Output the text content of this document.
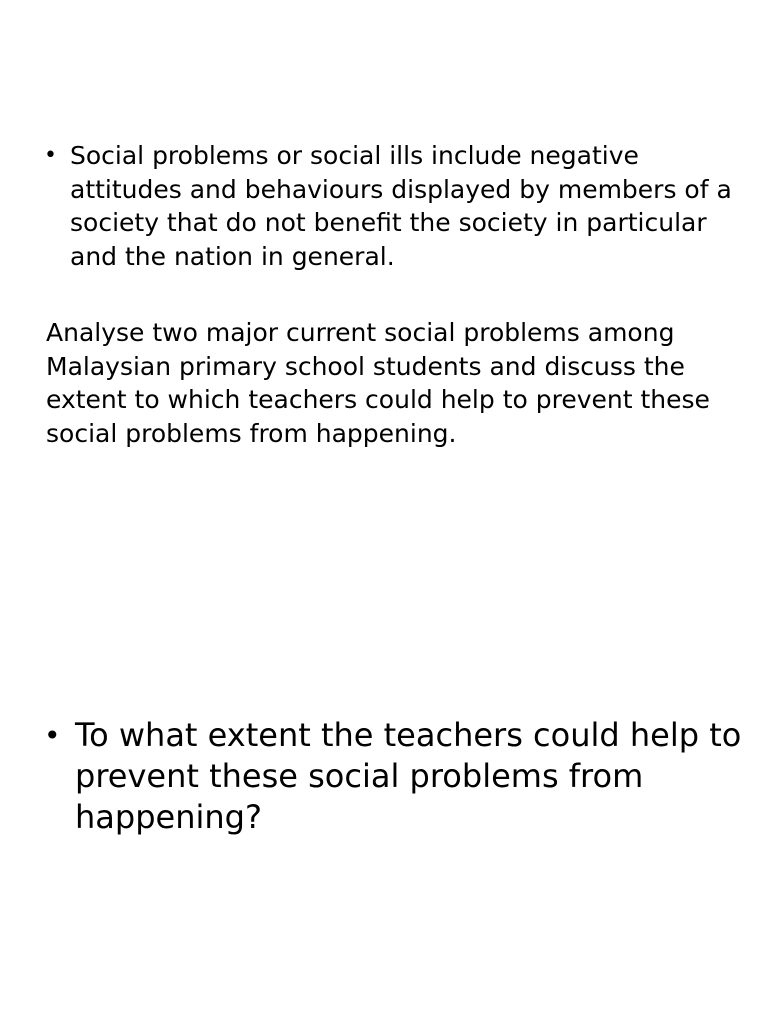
• Social problems or social ills include negative attitudes and behaviours displayed by members of a society that do not benefit the society in particular and the nation in general.
Analyse two major current social problems among Malaysian primary school students and discuss the extent to which teachers could help to prevent these social problems from happening.
• To what extent the teachers could help to prevent these social problems from happening?
